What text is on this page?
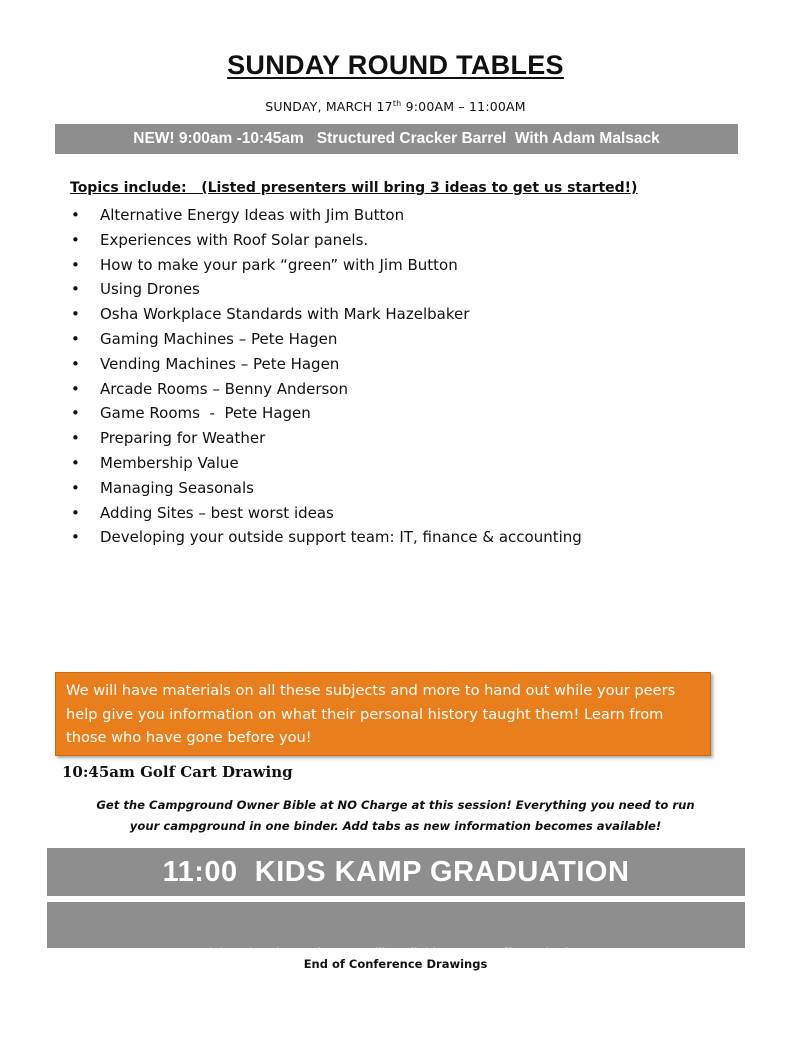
SUNDAY ROUND TABLES
SUNDAY, MARCH 17th 9:00AM – 11:00AM
NEW! 9:00am -10:45am   Structured Cracker Barrel  With Adam Malsack
Topics include:   (Listed presenters will bring 3 ideas to get us started!)
• Alternative Energy Ideas with Jim Button
• Experiences with Roof Solar panels.
• How to make your park “green” with Jim Button
• Using Drones
• Osha Workplace Standards with Mark Hazelbaker
• Gaming Machines – Pete Hagen
• Vending Machines – Pete Hagen
• Arcade Rooms – Benny Anderson
• Game Rooms  -  Pete Hagen
• Preparing for Weather
• Membership Value
• Managing Seasonals
• Adding Sites – best worst ideas
• Developing your outside support team: IT, finance & accounting
We will have materials on all these subjects and more to hand out while your peers help give you information on what their personal history taught them! Learn from those who have gone before you!
10:45am Golf Cart Drawing
Get the Campground Owner Bible at NO Charge at this session! Everything you need to run
your campground in one binder. Add tabs as new information becomes available!
11:00  KIDS KAMP GRADUATION

Pick up hand outs that are still available  -  Drop off your badges

Say our good lucks & farewells

End of Conference Drawings
